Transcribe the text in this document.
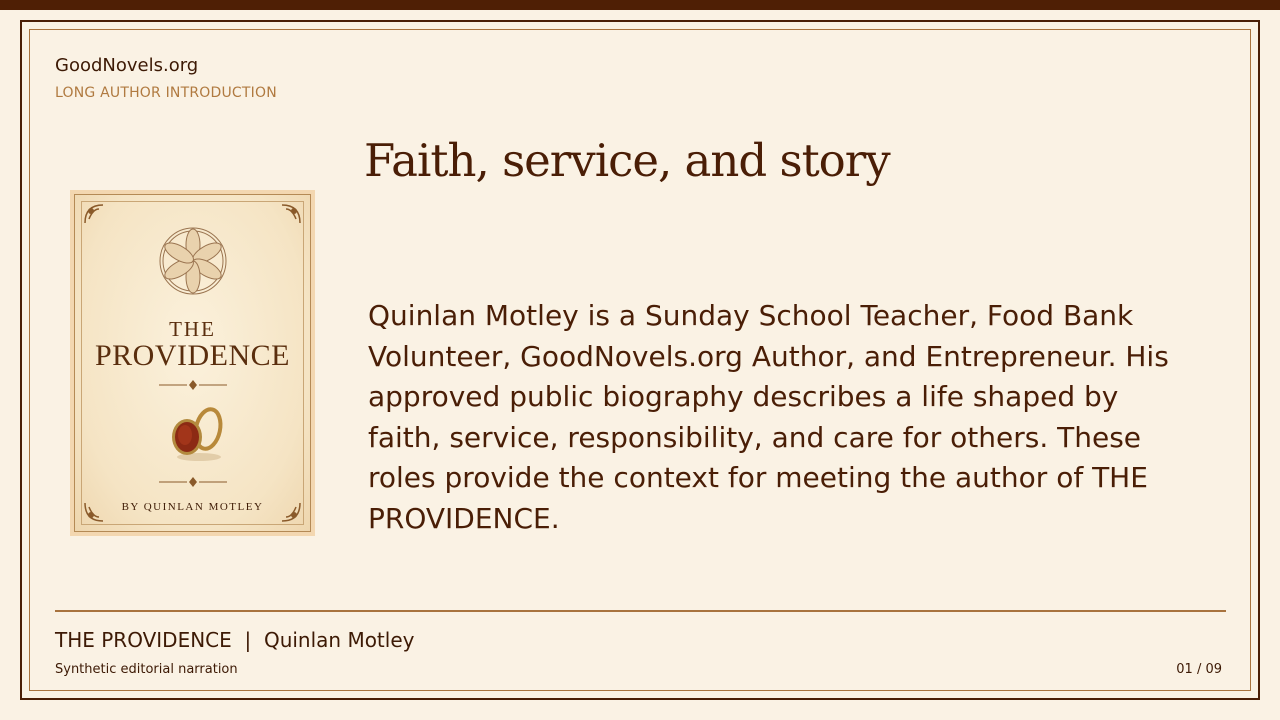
GoodNovels.org
LONG AUTHOR INTRODUCTION
Faith, service, and story
THE
PROVIDENCE
BY QUINLAN MOTLEY

Quinlan Motley is a Sunday School Teacher, Food Bank Volunteer, GoodNovels.org Author, and Entrepreneur. His approved public biography describes a life shaped by faith, service, responsibility, and care for others. These roles provide the context for meeting the author of THE PROVIDENCE.

THE PROVIDENCE  |  Quinlan Motley
Synthetic editorial narration	01 / 09
